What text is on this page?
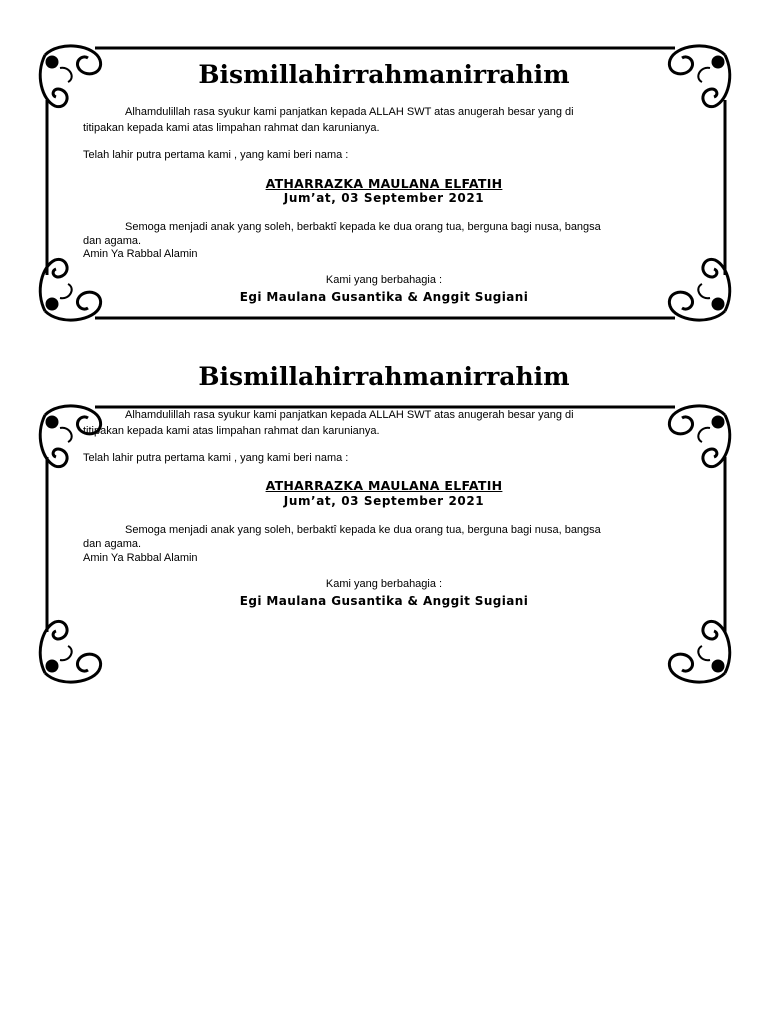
Bismillahirrahmanirrahim
Alhamdulillah rasa syukur kami panjatkan kepada ALLAH SWT atas anugerah besar yang di
titipakan kepada kami atas limpahan rahmat dan karunianya.
Telah lahir putra pertama kami , yang kami beri nama :
ATHARRAZKA MAULANA ELFATIH
Jum’at, 03 September 2021
Semoga menjadi anak yang soleh, berbaktî kepada ke dua orang tua, berguna bagi nusa, bangsa
dan agama.
Amin Ya Rabbal Alamin
Kami yang berbahagia :
Egi Maulana Gusantika & Anggit Sugiani
Bismillahirrahmanirrahim
Alhamdulillah rasa syukur kami panjatkan kepada ALLAH SWT atas anugerah besar yang di
titipakan kepada kami atas limpahan rahmat dan karunianya.
Telah lahir putra pertama kami , yang kami beri nama :
ATHARRAZKA MAULANA ELFATIH
Jum’at, 03 September 2021
Semoga menjadi anak yang soleh, berbaktî kepada ke dua orang tua, berguna bagi nusa, bangsa
dan agama.
Amin Ya Rabbal Alamin
Kami yang berbahagia :
Egi Maulana Gusantika & Anggit Sugiani
